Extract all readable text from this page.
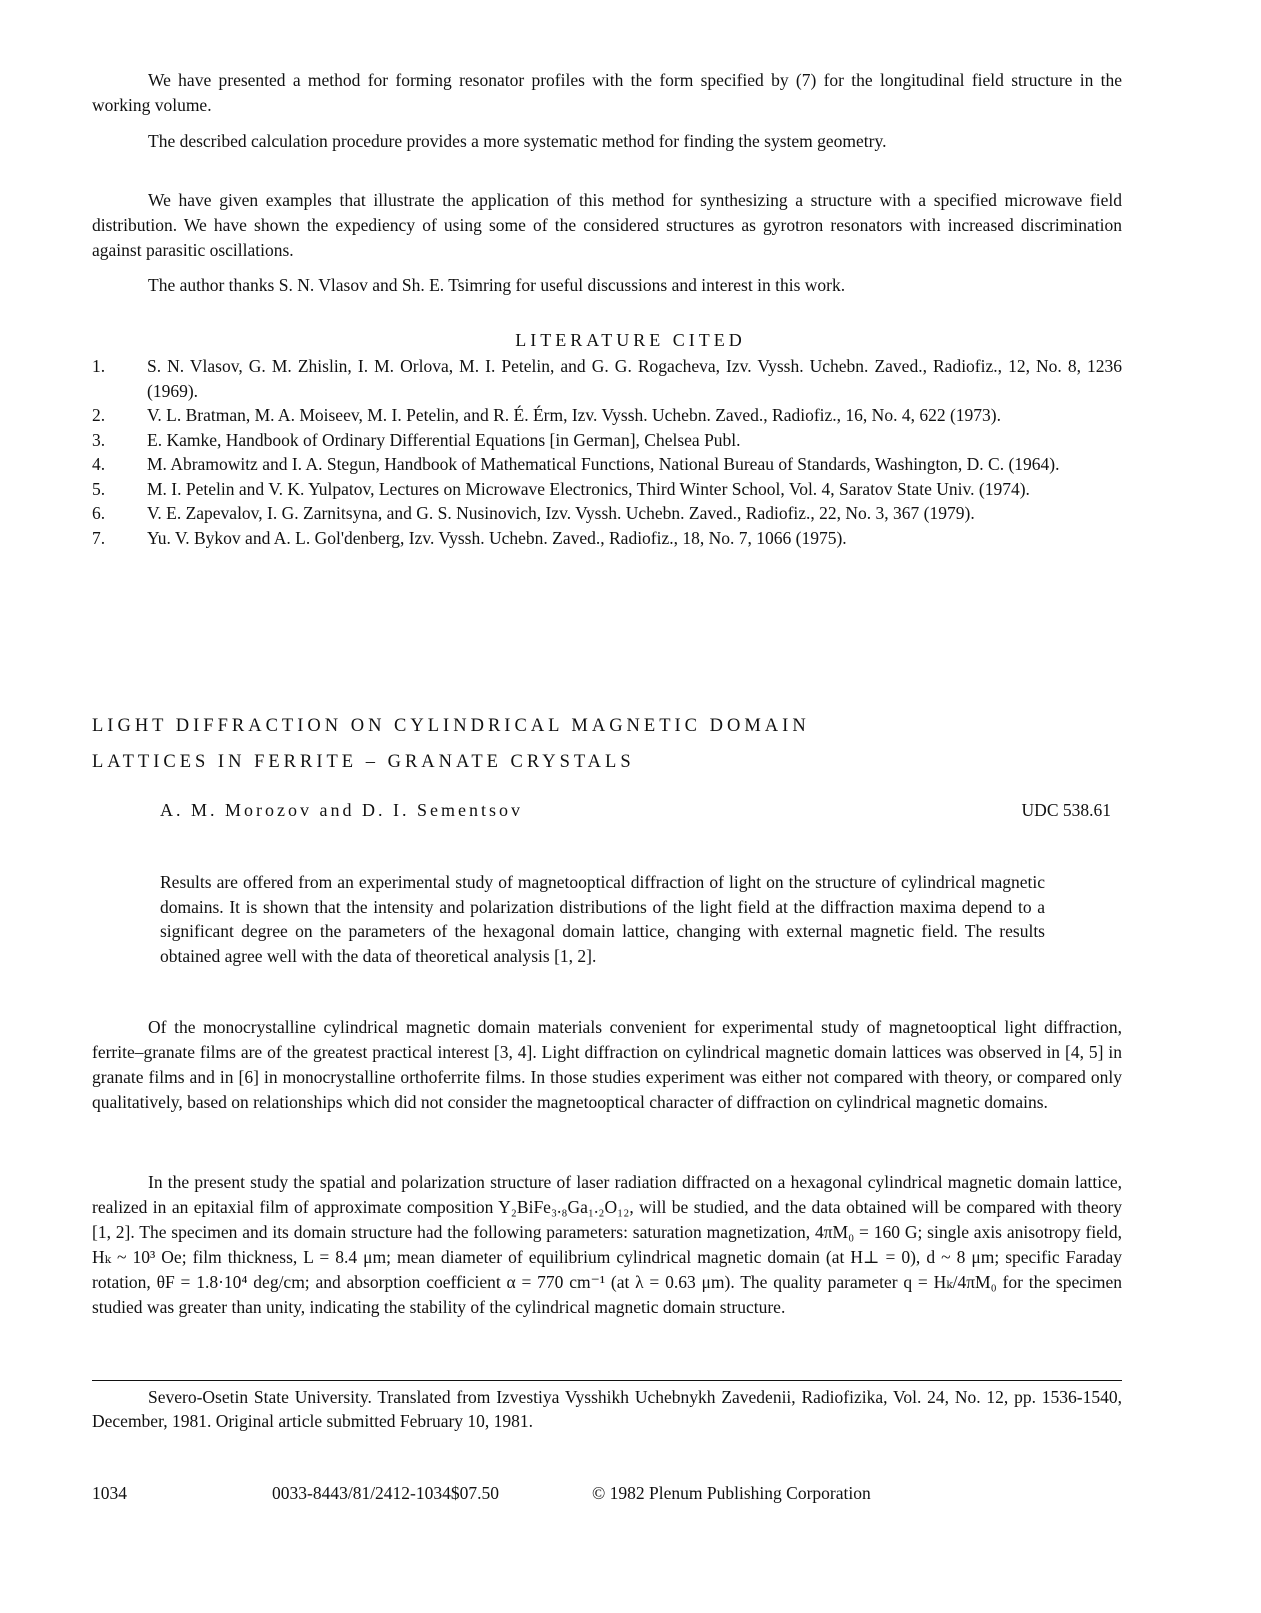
We have presented a method for forming resonator profiles with the form specified by (7) for the longitudinal field structure in the working volume.

The described calculation procedure provides a more systematic method for finding the system geometry.

We have given examples that illustrate the application of this method for synthesizing a structure with a specified microwave field distribution. We have shown the expediency of using some of the considered structures as gyrotron resonators with increased discrimination against parasitic oscillations.

The author thanks S. N. Vlasov and Sh. E. Tsimring for useful discussions and interest in this work.

LITERATURE CITED
1.	S. N. Vlasov, G. M. Zhislin, I. M. Orlova, M. I. Petelin, and G. G. Rogacheva, Izv. Vyssh. Uchebn. Zaved., Radiofiz., 12, No. 8, 1236 (1969).
2.	V. L. Bratman, M. A. Moiseev, M. I. Petelin, and R. É. Érm, Izv. Vyssh. Uchebn. Zaved., Radiofiz., 16, No. 4, 622 (1973).
3.	E. Kamke, Handbook of Ordinary Differential Equations [in German], Chelsea Publ.
4.	M. Abramowitz and I. A. Stegun, Handbook of Mathematical Functions, National Bureau of Standards, Washington, D. C. (1964).
5.	M. I. Petelin and V. K. Yulpatov, Lectures on Microwave Electronics, Third Winter School, Vol. 4, Saratov State Univ. (1974).
6.	V. E. Zapevalov, I. G. Zarnitsyna, and G. S. Nusinovich, Izv. Vyssh. Uchebn. Zaved., Radiofiz., 22, No. 3, 367 (1979).
7.	Yu. V. Bykov and A. L. Gol'denberg, Izv. Vyssh. Uchebn. Zaved., Radiofiz., 18, No. 7, 1066 (1975).
LIGHT DIFFRACTION ON CYLINDRICAL MAGNETIC DOMAIN
LATTICES IN FERRITE – GRANATE CRYSTALS
A. M. Morozov and D. I. Sementsov	UDC 538.61

Results are offered from an experimental study of magnetooptical diffraction of light on the structure of cylindrical magnetic domains. It is shown that the intensity and polarization distributions of the light field at the diffraction maxima depend to a significant degree on the parameters of the hexagonal domain lattice, changing with external magnetic field. The results obtained agree well with the data of theoretical analysis [1, 2].

Of the monocrystalline cylindrical magnetic domain materials convenient for experimental study of magnetooptical light diffraction, ferrite–granate films are of the greatest practical interest [3, 4]. Light diffraction on cylindrical magnetic domain lattices was observed in [4, 5] in granate films and in [6] in monocrystalline orthoferrite films. In those studies experiment was either not compared with theory, or compared only qualitatively, based on relationships which did not consider the magnetooptical character of diffraction on cylindrical magnetic domains.

In the present study the spatial and polarization structure of laser radiation diffracted on a hexagonal cylindrical magnetic domain lattice, realized in an epitaxial film of approximate composition Y₂BiFe₃.₈Ga₁.₂O₁₂, will be studied, and the data obtained will be compared with theory [1, 2]. The specimen and its domain structure had the following parameters: saturation magnetization, 4πM₀ = 160 G; single axis anisotropy field, Hₖ ~ 10³ Oe; film thickness, L = 8.4 μm; mean diameter of equilibrium cylindrical magnetic domain (at H⊥ = 0), d ~ 8 μm; specific Faraday rotation, θF = 1.8·10⁴ deg/cm; and absorption coefficient α = 770 cm⁻¹ (at λ = 0.63 μm). The quality parameter q = Hₖ/4πM₀ for the specimen studied was greater than unity, indicating the stability of the cylindrical magnetic domain structure.

Severo-Osetin State University. Translated from Izvestiya Vysshikh Uchebnykh Zavedenii, Radiofizika, Vol. 24, No. 12, pp. 1536-1540, December, 1981. Original article submitted February 10, 1981.

1034	0033-8443/81/2412-1034$07.50	© 1982 Plenum Publishing Corporation
